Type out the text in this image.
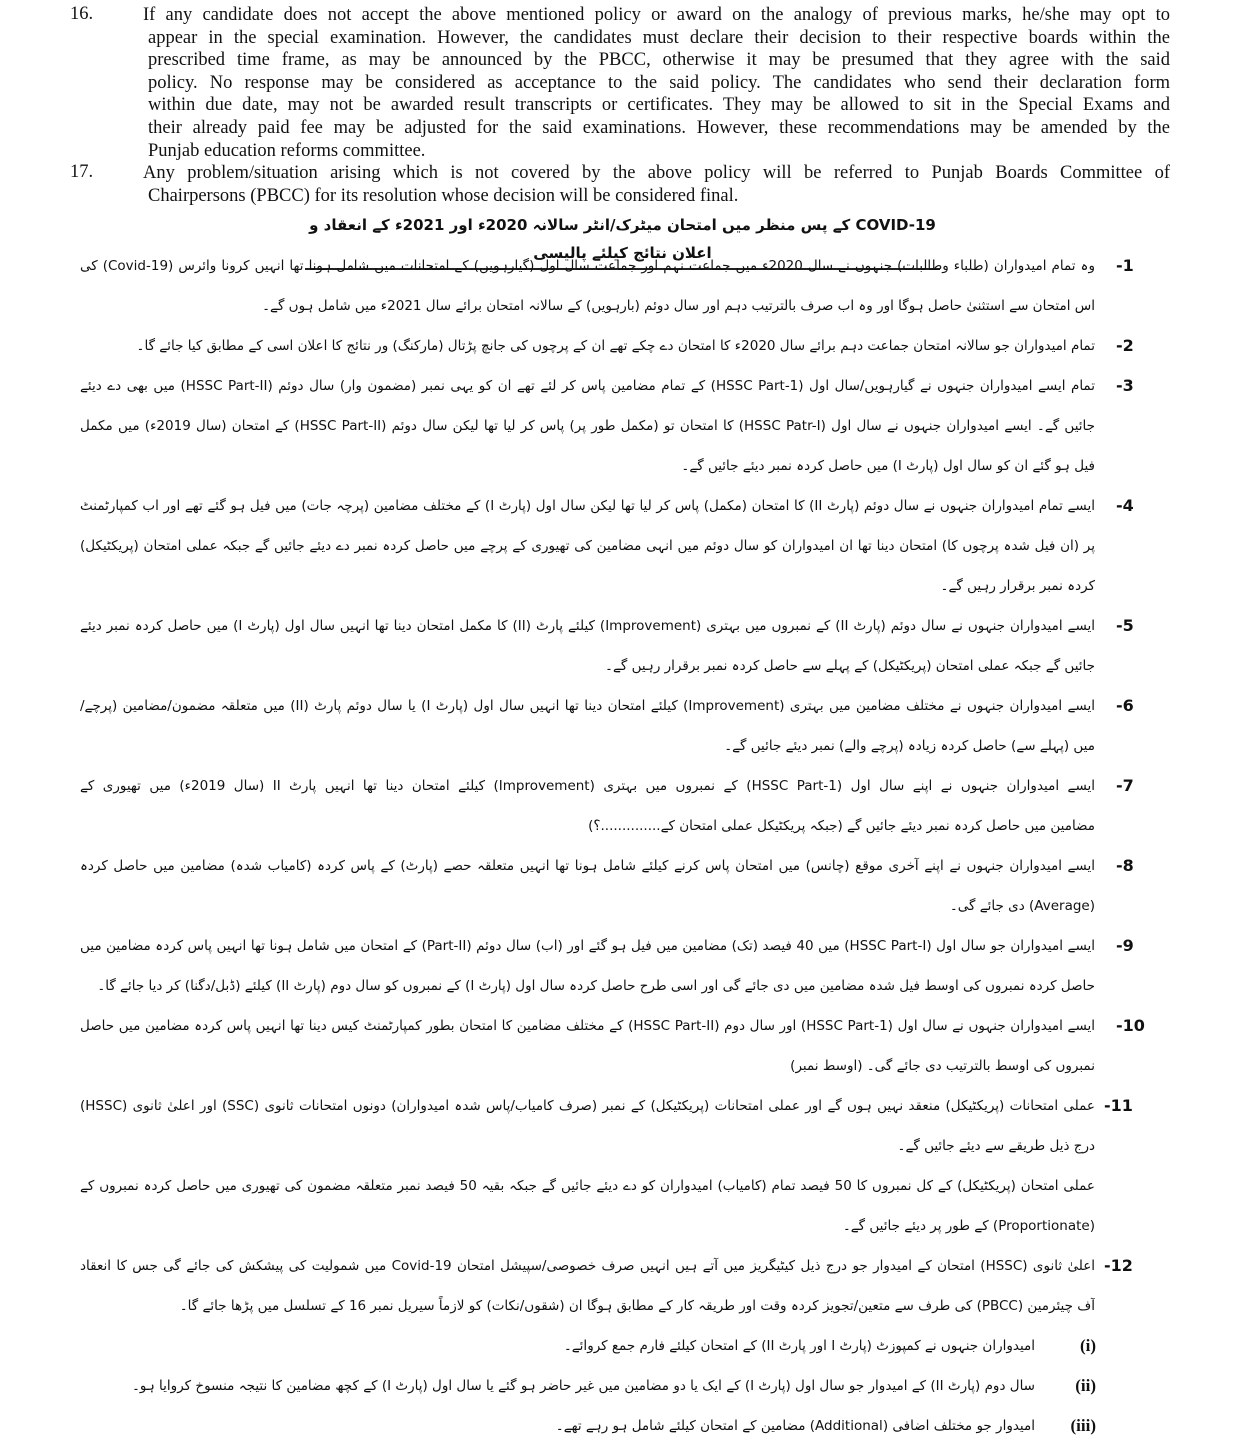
16.	If any candidate does not accept the above mentioned policy or award on the analogy of previous marks, he/she may opt to
appear in the special examination. However, the candidates must declare their decision to their respective boards within the
prescribed time frame, as may be announced by the PBCC, otherwise it may be presumed that they agree with the said
policy. No response may be considered as acceptance to the said policy. The candidates who send their declaration form
within due date, may not be awarded result transcripts or certificates. They may be allowed to sit in the Special Exams and
their already paid fee may be adjusted for the said examinations. However, these recommendations may be amended by the
Punjab education reforms committee.
17.	Any problem/situation arising which is not covered by the above policy will be referred to Punjab Boards Committee of
Chairpersons (PBCC) for its resolution whose decision will be considered final.
COVID-19 کے پس منظر میں امتحان میٹرک/انٹر سالانہ 2020ء اور 2021ء کے انعقاد و اعلان نتائج کیلئے پالیسی
-1
وہ تمام امیدواران (طلباء وطالبات) جنہوں نے سال 2020ء میں جماعت نہم اور جماعت سال اول (گیارہویں) کے امتحانات میں شامل ہونا تھا انہیں کرونا وائرس (Covid-19) کی
اس امتحان سے استثنیٰ حاصل ہوگا اور وہ اب صرف بالترتیب دہم اور سال دوئم (بارہویں) کے سالانہ امتحان برائے سال 2021ء میں شامل ہوں گے۔
-2
تمام امیدواران جو سالانہ امتحان جماعت دہم برائے سال 2020ء کا امتحان دے چکے تھے ان کے پرچوں کی جانچ پڑتال (مارکنگ) ور نتائج کا اعلان اسی کے مطابق کیا جائے گا۔
-3
تمام ایسے امیدواران جنہوں نے گیارہویں/سال اول (HSSC Part-1) کے تمام مضامین پاس کر لئے تھے ان کو یہی نمبر (مضمون وار) سال دوئم (HSSC Part-II) میں بھی دے دیئے
جائیں گے۔ ایسے امیدواران جنہوں نے سال اول (HSSC Patr-I) کا امتحان تو (مکمل طور پر) پاس کر لیا تھا لیکن سال دوئم (HSSC Part-II) کے امتحان (سال 2019ء) میں مکمل
فیل ہو گئے ان کو سال اول (پارٹ I) میں حاصل کردہ نمبر دیئے جائیں گے۔
-4
ایسے تمام امیدواران جنہوں نے سال دوئم (پارٹ II) کا امتحان (مکمل) پاس کر لیا تھا لیکن سال اول (پارٹ I) کے مختلف مضامین (پرچہ جات) میں فیل ہو گئے تھے اور اب کمپارٹمنٹ
پر (ان فیل شدہ پرچوں کا) امتحان دینا تھا ان امیدواران کو سال دوئم میں انہی مضامین کی تھیوری کے پرچے میں حاصل کردہ نمبر دے دیئے جائیں گے جبکہ عملی امتحان (پریکٹیکل)
کردہ نمبر برقرار رہیں گے۔
-5
ایسے امیدواران جنہوں نے سال دوئم (پارٹ II) کے نمبروں میں بہتری (Improvement) کیلئے پارٹ (II) کا مکمل امتحان دینا تھا انہیں سال اول (پارٹ I) میں حاصل کردہ نمبر دیئے
جائیں گے جبکہ عملی امتحان (پریکٹیکل) کے پہلے سے حاصل کردہ نمبر برقرار رہیں گے۔
-6
ایسے امیدواران جنہوں نے مختلف مضامین میں بہتری (Improvement) کیلئے امتحان دینا تھا انہیں سال اول (پارٹ I) یا سال دوئم پارٹ (II) میں متعلقہ مضمون/مضامین (پرچے/
میں (پہلے سے) حاصل کردہ زیادہ (پرچے والے) نمبر دیئے جائیں گے۔
-7
ایسے امیدواران جنہوں نے اپنے سال اول (HSSC Part-1) کے نمبروں میں بہتری (Improvement) کیلئے امتحان دینا تھا انہیں پارٹ II (سال 2019ء) میں تھیوری کے
مضامین میں حاصل کردہ نمبر دیئے جائیں گے (جبکہ پریکٹیکل عملی امتحان کے..............؟)
-8
ایسے امیدواران جنہوں نے اپنے آخری موقع (چانس) میں امتحان پاس کرنے کیلئے شامل ہونا تھا انہیں متعلقہ حصے (پارٹ) کے پاس کردہ (کامیاب شدہ) مضامین میں حاصل کردہ
(Average) دی جائے گی۔
-9
ایسے امیدواران جو سال اول (HSSC Part-I) میں 40 فیصد (تک) مضامین میں فیل ہو گئے اور (اب) سال دوئم (Part-II) کے امتحان میں شامل ہونا تھا انہیں پاس کردہ مضامین میں
حاصل کردہ نمبروں کی اوسط فیل شدہ مضامین میں دی جائے گی اور اسی طرح حاصل کردہ سال اول (پارٹ I) کے نمبروں کو سال دوم (پارٹ II) کیلئے (ڈبل/دگنا) کر دیا جائے گا۔
-10
ایسے امیدواران جنہوں نے سال اول (HSSC Part-1) اور سال دوم (HSSC Part-II) کے مختلف مضامین کا امتحان بطور کمپارٹمنٹ کیس دینا تھا انہیں پاس کردہ مضامین میں حاصل
نمبروں کی اوسط بالترتیب دی جائے گی۔ (اوسط نمبر)
-11
عملی امتحانات (پریکٹیکل) منعقد نہیں ہوں گے اور عملی امتحانات (پریکٹیکل) کے نمبر (صرف کامیاب/پاس شدہ امیدواران) دونوں امتحانات ثانوی (SSC) اور اعلیٰ ثانوی (HSSC)
درج ذیل طریقے سے دیئے جائیں گے۔
عملی امتحان (پریکٹیکل) کے کل نمبروں کا 50 فیصد تمام (کامیاب) امیدواران کو دے دیئے جائیں گے جبکہ بقیہ 50 فیصد نمبر متعلقہ مضمون کی تھیوری میں حاصل کردہ نمبروں کے
(Proportionate) کے طور پر دیئے جائیں گے۔
-12
اعلیٰ ثانوی (HSSC) امتحان کے امیدوار جو درج ذیل کیٹیگریز میں آتے ہیں انہیں صرف خصوصی/سپیشل امتحان Covid-19 میں شمولیت کی پیشکش کی جائے گی جس کا انعقاد
آف چیئرمین (PBCC) کی طرف سے متعین/تجویز کردہ وقت اور طریقہ کار کے مطابق ہوگا ان (شقوں/نکات) کو لازماً سیریل نمبر 16 کے تسلسل میں پڑھا جائے گا۔
(i)
امیدواران جنہوں نے کمپوزٹ (پارٹ I اور پارٹ II) کے امتحان کیلئے فارم جمع کروائے۔
(ii)
سال دوم (پارٹ II) کے امیدوار جو سال اول (پارٹ I) کے ایک یا دو مضامین میں غیر حاضر ہو گئے یا سال اول (پارٹ I) کے کچھ مضامین کا نتیجہ منسوخ کروایا ہو۔
(iii)
امیدوار جو مختلف اضافی (Additional) مضامین کے امتحان کیلئے شامل ہو رہے تھے۔
